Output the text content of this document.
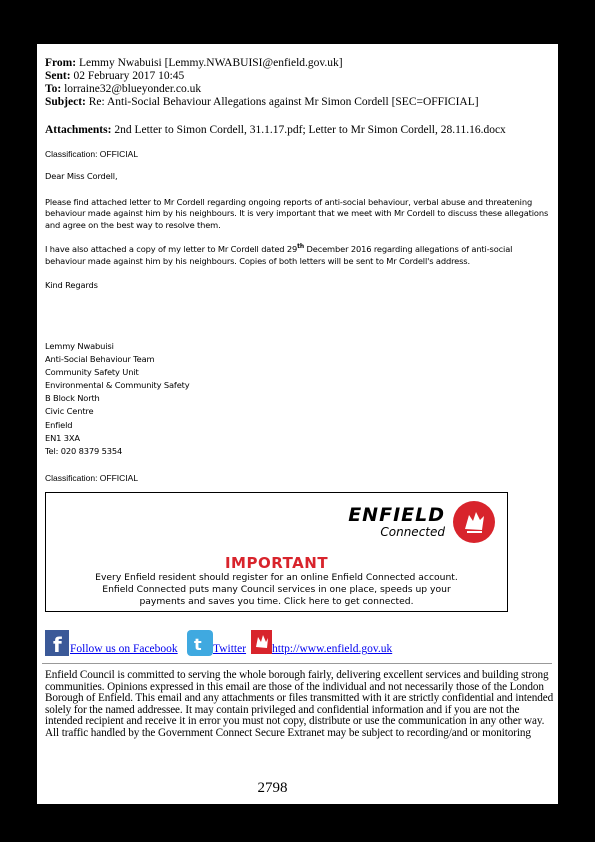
From: Lemmy Nwabuisi [Lemmy.NWABUISI@enfield.gov.uk]
Sent: 02 February 2017 10:45
To: lorraine32@blueyonder.co.uk
Subject: Re: Anti-Social Behaviour Allegations against Mr Simon Cordell [SEC=OFFICIAL]
Attachments: 2nd Letter to Simon Cordell, 31.1.17.pdf; Letter to Mr Simon Cordell, 28.11.16.docx
Classification: OFFICIAL

Dear Miss Cordell,

Please find attached letter to Mr Cordell regarding ongoing reports of anti-social behaviour, verbal abuse and threatening behaviour made against him by his neighbours. It is very important that we meet with Mr Cordell to discuss these allegations and agree on the best way to resolve them.

I have also attached a copy of my letter to Mr Cordell dated 29th December 2016 regarding allegations of anti-social behaviour made against him by his neighbours. Copies of both letters will be sent to Mr Cordell's address.

Kind Regards

Lemmy Nwabuisi
Anti-Social Behaviour Team
Community Safety Unit
Environmental & Community Safety
B Block North
Civic Centre
Enfield
EN1 3XA
Tel: 020 8379 5354
Classification: OFFICIAL
ENFIELD
Connected
IMPORTANT
Every Enfield resident should register for an online Enfield Connected account.
Enfield Connected puts many Council services in one place, speeds up your
payments and saves you time. Click here to get connected.
f Follow us on Facebook t Twitter http://www.enfield.gov.uk
Enfield Council is committed to serving the whole borough fairly, delivering excellent services and building strong communities. Opinions expressed in this email are those of the individual and not necessarily those of the London Borough of Enfield. This email and any attachments or files transmitted with it are strictly confidential and intended solely for the named addressee. It may contain privileged and confidential information and if you are not the intended recipient and receive it in error you must not copy, distribute or use the communication in any other way. All traffic handled by the Government Connect Secure Extranet may be subject to recording/and or monitoring
2798
